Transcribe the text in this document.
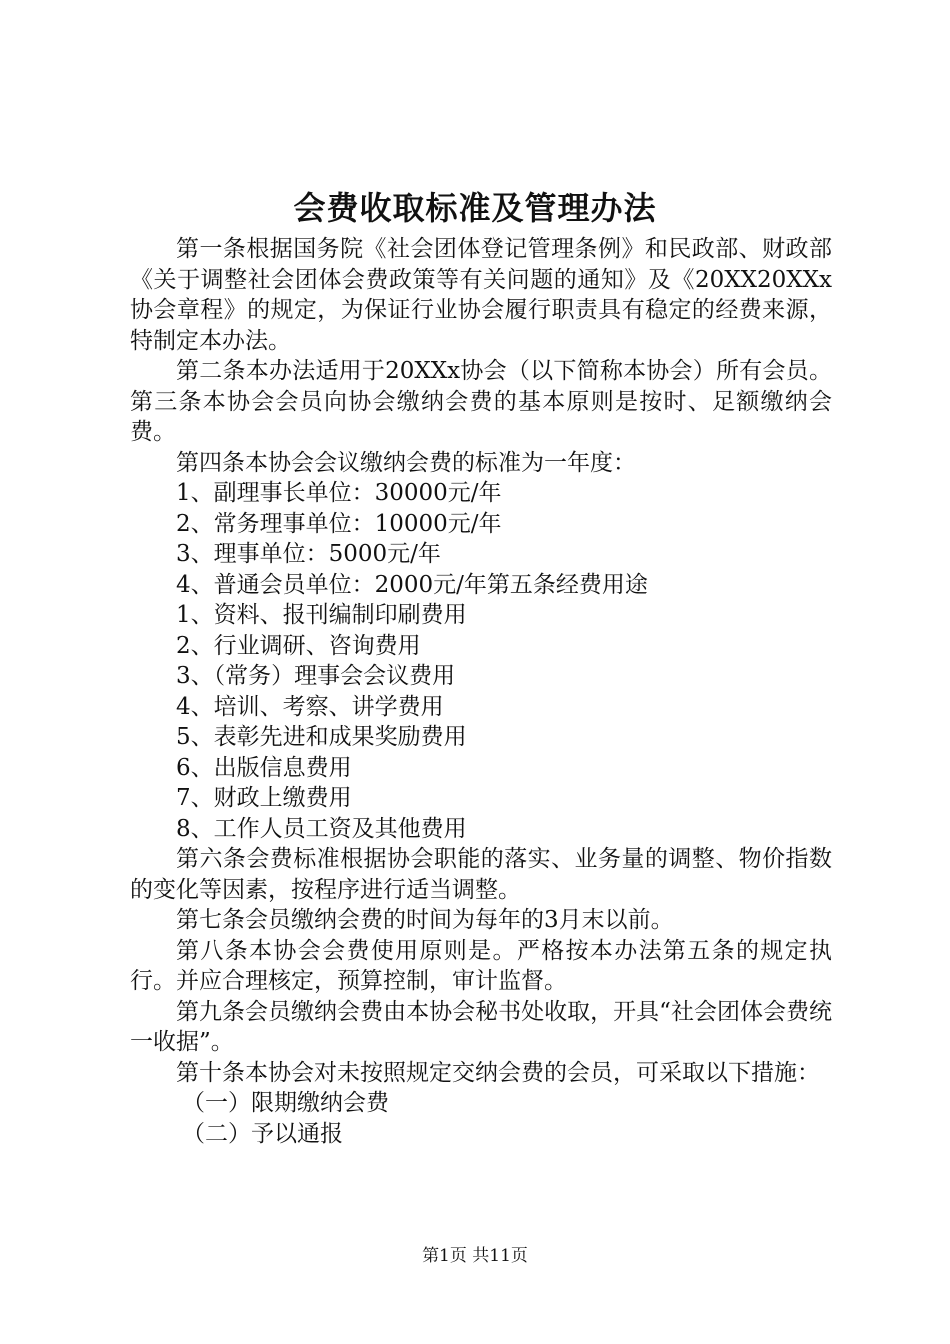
会费收取标准及管理办法

第一条根据国务院《社会团体登记管理条例》和民政部、财政部《关于调整社会团体会费政策等有关问题的通知》及《20XX20XXx协会章程》的规定，为保证行业协会履行职责具有稳定的经费来源，特制定本办法。

第二条本办法适用于20XXx协会（以下简称本协会）所有会员。第三条本协会会员向协会缴纳会费的基本原则是按时、足额缴纳会费。

第四条本协会会议缴纳会费的标准为一年度：

1、副理事长单位：30000元/年

2、常务理事单位：10000元/年

3、理事单位：5000元/年

4、普通会员单位：2000元/年第五条经费用途

1、资料、报刊编制印刷费用

2、行业调研、咨询费用

3、（常务）理事会会议费用

4、培训、考察、讲学费用

5、表彰先进和成果奖励费用

6、出版信息费用

7、财政上缴费用

8、工作人员工资及其他费用

第六条会费标准根据协会职能的落实、业务量的调整、物价指数的变化等因素，按程序进行适当调整。

第七条会员缴纳会费的时间为每年的3月末以前。

第八条本协会会费使用原则是。严格按本办法第五条的规定执行。并应合理核定，预算控制，审计监督。

第九条会员缴纳会费由本协会秘书处收取，开具“社会团体会费统一收据”。

第十条本协会对未按照规定交纳会费的会员，可采取以下措施：

（一）限期缴纳会费

（二）予以通报

第1页 共11页
